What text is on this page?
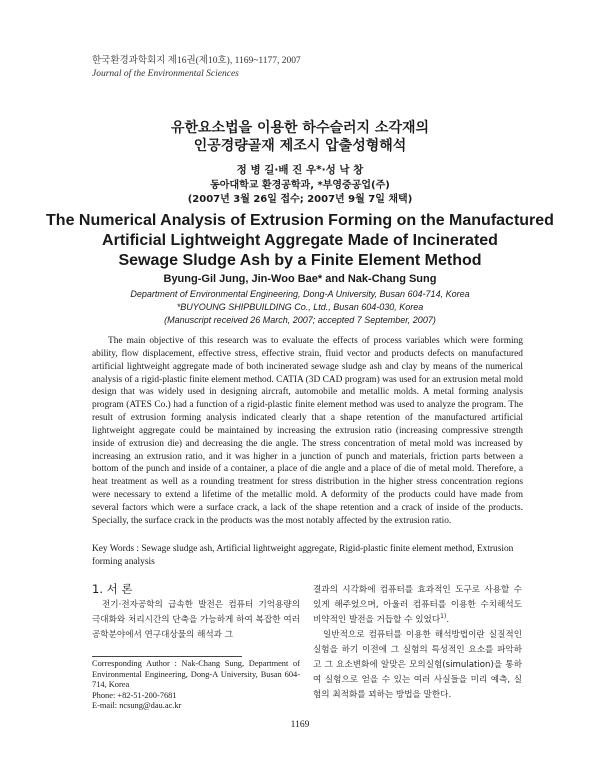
한국환경과학회지 제16권(제10호), 1169~1177, 2007
Journal of the Environmental Sciences
유한요소법을 이용한 하수슬러지 소각재의
인공경량골재 제조시 압출성형해석
정 병 길·배 진 우*·성 낙 창
동아대학교 환경공학과, *부영중공업(주)
(2007년 3월 26일 접수; 2007년 9월 7일 채택)
The Numerical Analysis of Extrusion Forming on the Manufactured
Artificial Lightweight Aggregate Made of Incinerated
Sewage Sludge Ash by a Finite Element Method
Byung-Gil Jung, Jin-Woo Bae* and Nak-Chang Sung
Department of Environmental Engineering, Dong-A University, Busan 604-714, Korea
*BUYOUNG SHIPBUILDING Co., Ltd., Busan 604-030, Korea
(Manuscript received 26 March, 2007; accepted 7 September, 2007)

The main objective of this research was to evaluate the effects of process variables which were forming ability, flow displacement, effective stress, effective strain, fluid vector and products defects on manufactured artificial lightweight aggregate made of both incinerated sewage sludge ash and clay by means of the numerical analysis of a rigid-plastic finite element method. CATIA (3D CAD program) was used for an extrusion metal mold design that was widely used in designing aircraft, automobile and metallic molds. A metal forming analysis program (ATES Co.) had a function of a rigid-plastic finite element method was used to analyze the program. The result of extrusion forming analysis indicated clearly that a shape retention of the manufactured artificial lightweight aggregate could be maintained by increasing the extrusion ratio (increasing compressive strength inside of extrusion die) and decreasing the die angle. The stress concentration of metal mold was increased by increasing an extrusion ratio, and it was higher in a junction of punch and materials, friction parts between a bottom of the punch and inside of a container, a place of die angle and a place of die of metal mold. Therefore, a heat treatment as well as a rounding treatment for stress distribution in the higher stress concentration regions were necessary to extend a lifetime of the metallic mold. A deformity of the products could have made from several factors which were a surface crack, a lack of the shape retention and a crack of inside of the products. Specially, the surface crack in the products was the most notably affected by the extrusion ratio.

Key Words : Sewage sludge ash, Artificial lightweight aggregate, Rigid-plastic finite element method, Extrusion forming analysis
1. 서 론

전기·전자공학의 급속한 발전은 컴퓨터 기억용량의 극대화와 처리시간의 단축을 가능하게 하여 복잡한 여러 공학분야에서 연구대상물의 해석과 그

결과의 시각화에 컴퓨터를 효과적인 도구로 사용할 수 있게 해주었으며, 아울러 컴퓨터를 이용한 수치해석도 비약적인 발전을 거듭할 수 있었다$^{1)}$.

일반적으로 컴퓨터를 이용한 해석방법이란 실질적인 실험을 하기 이전에 그 실험의 특성적인 요소를 파악하고 그 요소변화에 알맞은 모의실험(simulation)을 통하여 실험으로 얻을 수 있는 여러 사실들을 미리 예측, 실험의 최적화를 꾀하는 방법을 말한다.

Corresponding Author : Nak-Chang Sung, Department of Environmental Engineering, Dong-A University, Busan 604-714, Korea
Phone: +82-51-200-7681
E-mail: ncsung@dau.ac.kr
1169
